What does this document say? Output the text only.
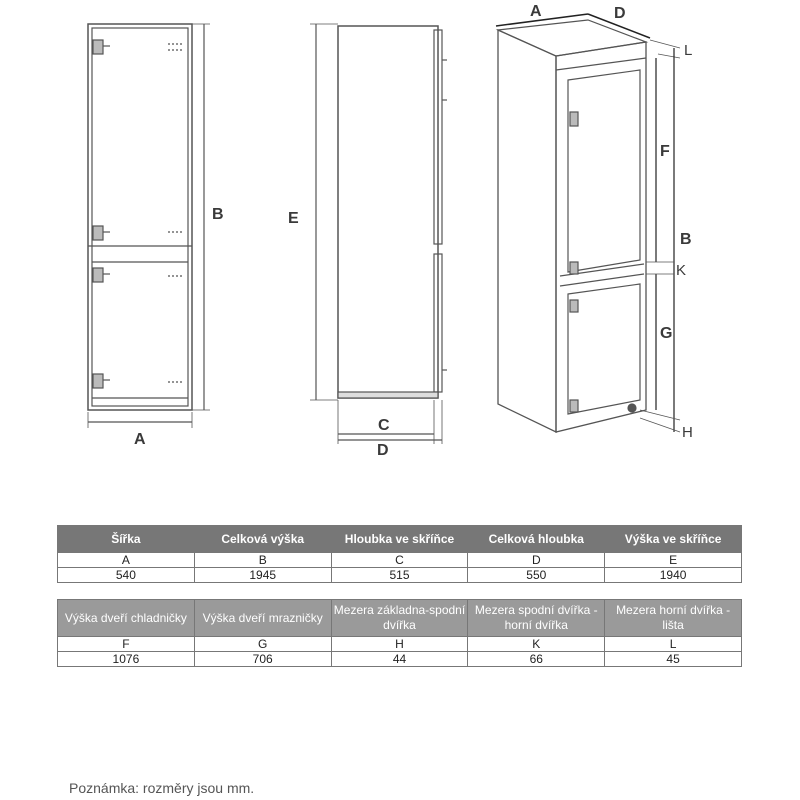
A
B	E
C
D
A	D
L
F
B
K
G
H
Šířka	Celková výška	Hloubka ve skříňce	Celková hloubka	Výška ve skříňce
A	B	C	D	E
540	1945	515	550	1940
Výška dveří chladničky	Výška dveří mrazničky	Mezera základna-spodní dvířka	Mezera spodní dvířka - horní dvířka	Mezera horní dvířka - lišta
F	G	H	K	L
1076	706	44	66	45
Poznámka: rozměry jsou mm.
